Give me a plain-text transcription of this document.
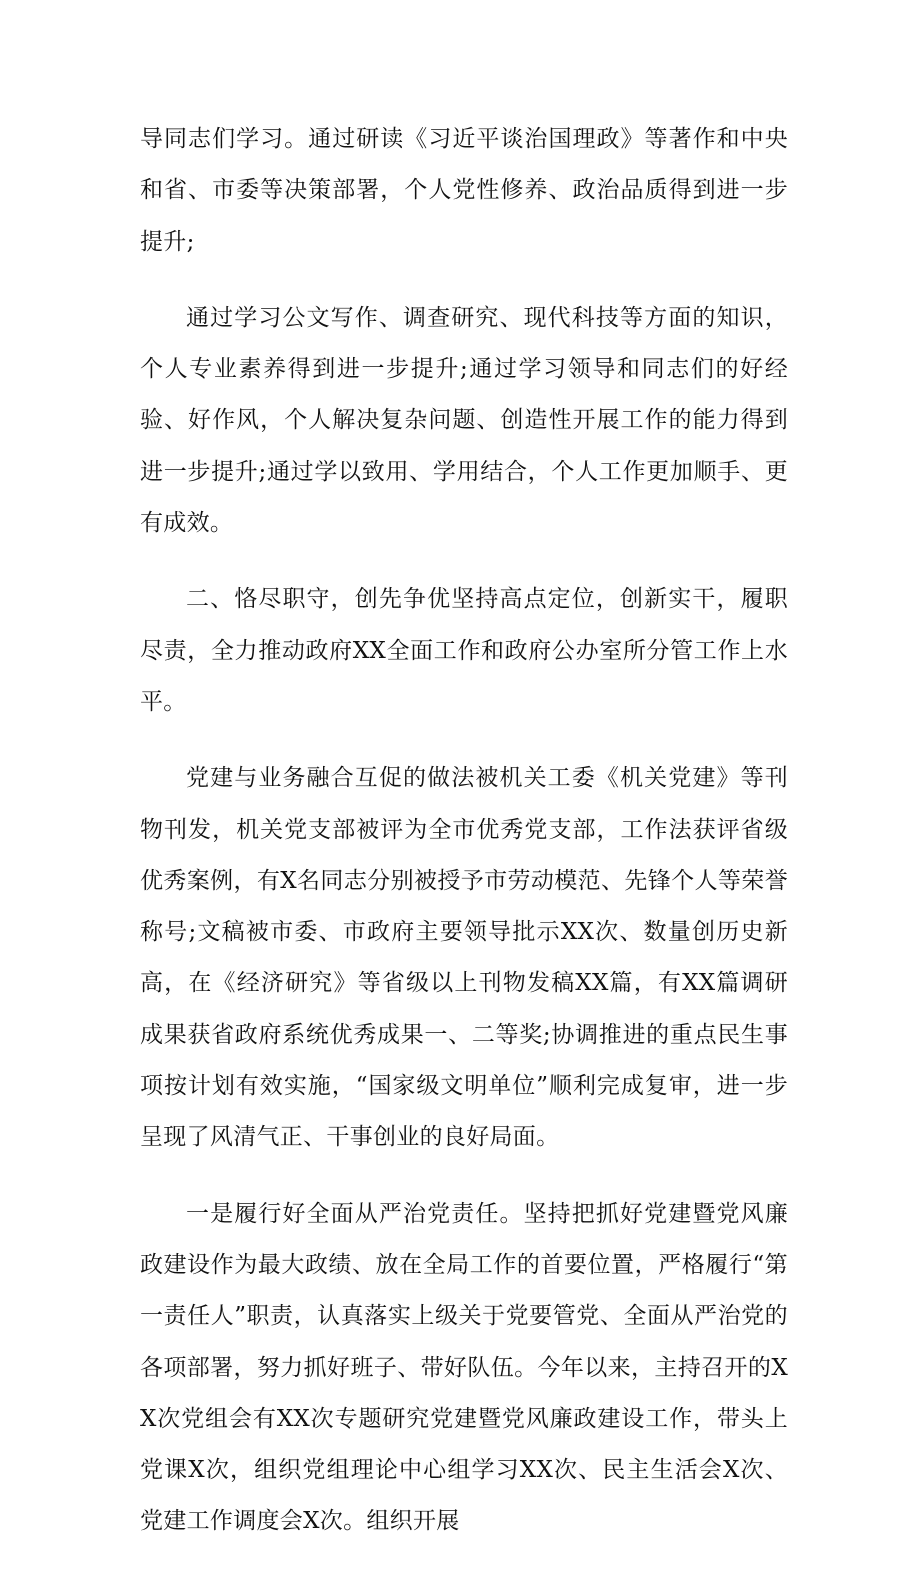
导同志们学习。通过研读《习近平谈治国理政》等著作和中央和省、市委等决策部署，个人党性修养、政治品质得到进一步提升;

通过学习公文写作、调查研究、现代科技等方面的知识，个人专业素养得到进一步提升;通过学习领导和同志们的好经验、好作风，个人解决复杂问题、创造性开展工作的能力得到进一步提升;通过学以致用、学用结合，个人工作更加顺手、更有成效。

二、恪尽职守，创先争优坚持高点定位，创新实干，履职尽责，全力推动政府XX全面工作和政府公办室所分管工作上水平。

党建与业务融合互促的做法被机关工委《机关党建》等刊物刊发，机关党支部被评为全市优秀党支部，工作法获评省级优秀案例，有X名同志分别被授予市劳动模范、先锋个人等荣誉称号;文稿被市委、市政府主要领导批示XX次、数量创历史新高，在《经济研究》等省级以上刊物发稿XX篇，有XX篇调研成果获省政府系统优秀成果一、二等奖;协调推进的重点民生事项按计划有效实施，“国家级文明单位”顺利完成复审，进一步呈现了风清气正、干事创业的良好局面。

一是履行好全面从严治党责任。坚持把抓好党建暨党风廉政建设作为最大政绩、放在全局工作的首要位置，严格履行“第一责任人”职责，认真落实上级关于党要管党、全面从严治党的各项部署，努力抓好班子、带好队伍。今年以来，主持召开的XX次党组会有XX次专题研究党建暨党风廉政建设工作，带头上党课X次，组织党组理论中心组学习XX次、民主生活会X次、党建工作调度会X次。组织开展
